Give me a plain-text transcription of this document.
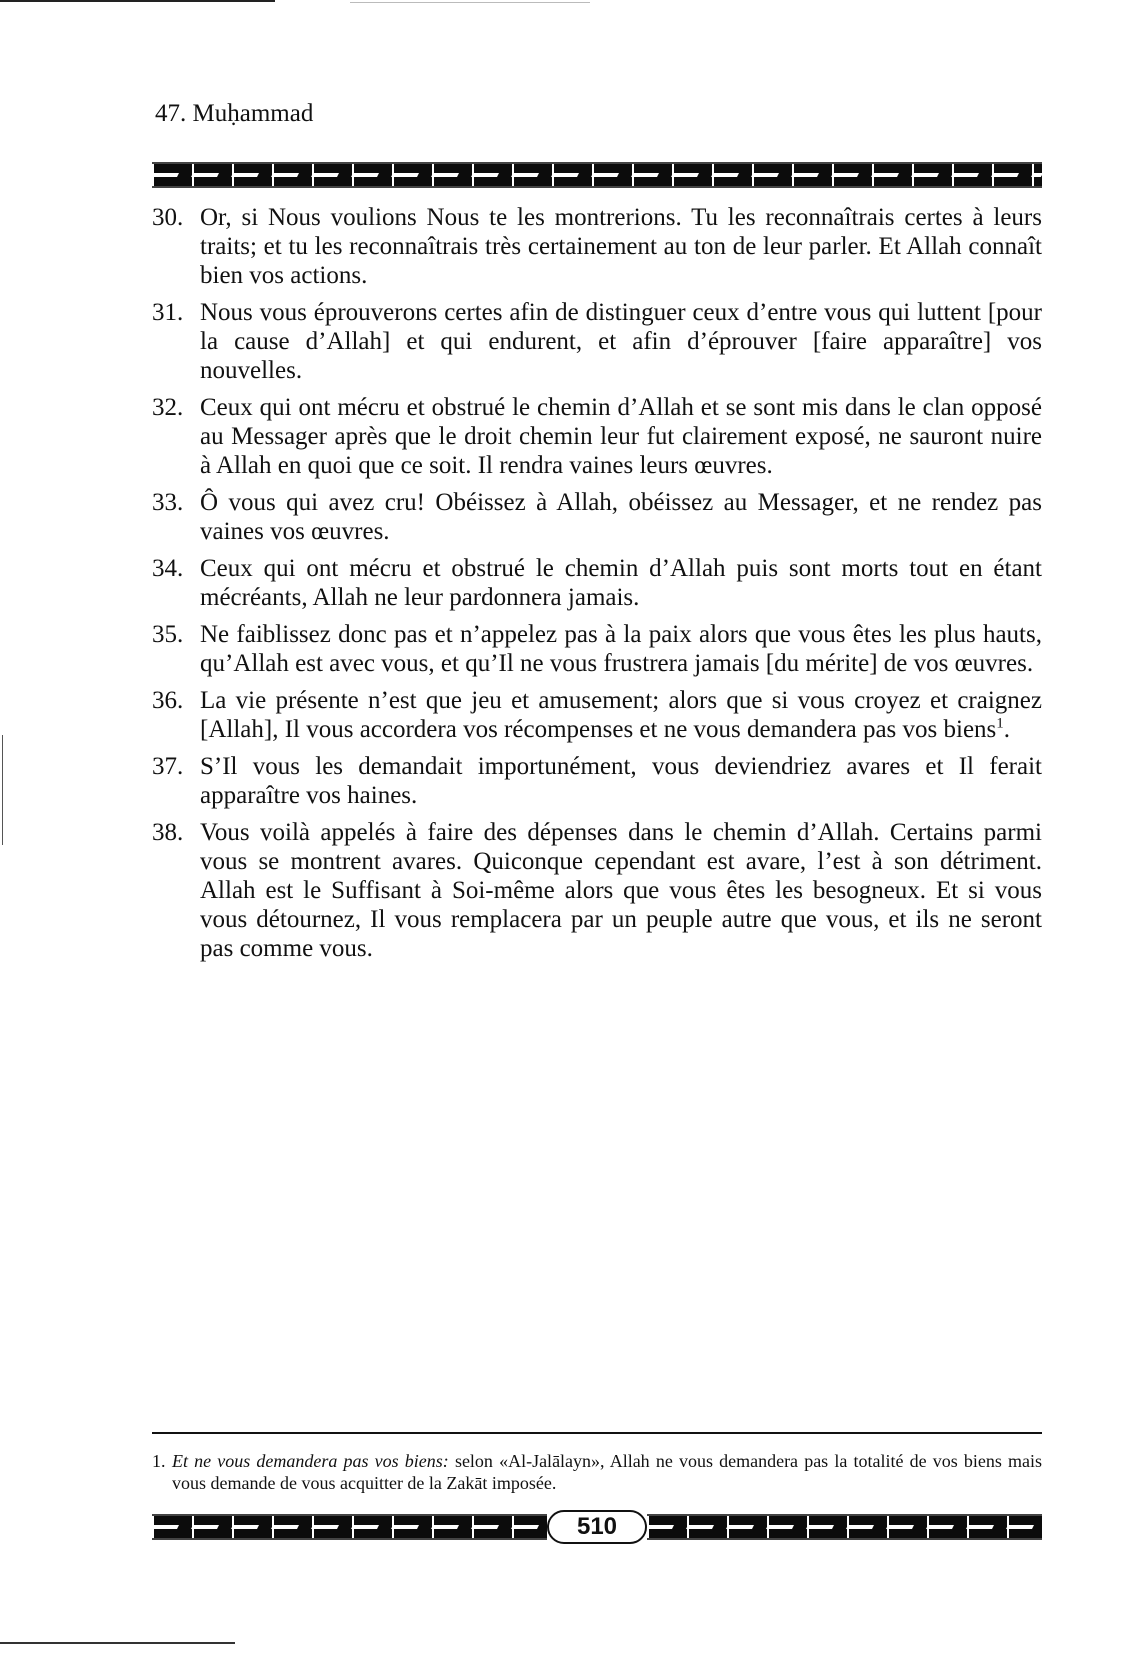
47. Muḥammad
30. Or, si Nous voulions Nous te les montrerions. Tu les reconnaîtrais certes à leurs traits; et tu les reconnaîtrais très certainement au ton de leur parler. Et Allah connaît bien vos actions.
31. Nous vous éprouverons certes afin de distinguer ceux d’entre vous qui luttent [pour la cause d’Allah] et qui endurent, et afin d’éprouver [faire apparaître] vos nouvelles.
32. Ceux qui ont mécru et obstrué le chemin d’Allah et se sont mis dans le clan opposé au Messager après que le droit chemin leur fut clairement exposé, ne sauront nuire à Allah en quoi que ce soit. Il rendra vaines leurs œuvres.
33. Ô vous qui avez cru! Obéissez à Allah, obéissez au Messager, et ne rendez pas vaines vos œuvres.
34. Ceux qui ont mécru et obstrué le chemin d’Allah puis sont morts tout en étant mécréants, Allah ne leur pardonnera jamais.
35. Ne faiblissez donc pas et n’appelez pas à la paix alors que vous êtes les plus hauts, qu’Allah est avec vous, et qu’Il ne vous frustrera jamais [du mérite] de vos œuvres.
36. La vie présente n’est que jeu et amusement; alors que si vous croyez et craignez [Allah], Il vous accordera vos récompenses et ne vous demandera pas vos biens$^1$.
37. S’Il vous les demandait importunément, vous deviendriez avares et Il ferait apparaître vos haines.
38. Vous voilà appelés à faire des dépenses dans le chemin d’Allah. Certains parmi vous se montrent avares. Quiconque cependant est avare, l’est à son détriment. Allah est le Suffisant à Soi-même alors que vous êtes les besogneux. Et si vous vous détournez, Il vous remplacera par un peuple autre que vous, et ils ne seront pas comme vous.
1. Et ne vous demandera pas vos biens: selon «Al-Jalālayn», Allah ne vous demandera pas la totalité de vos biens mais vous demande de vous acquitter de la Zakāt imposée.
510
